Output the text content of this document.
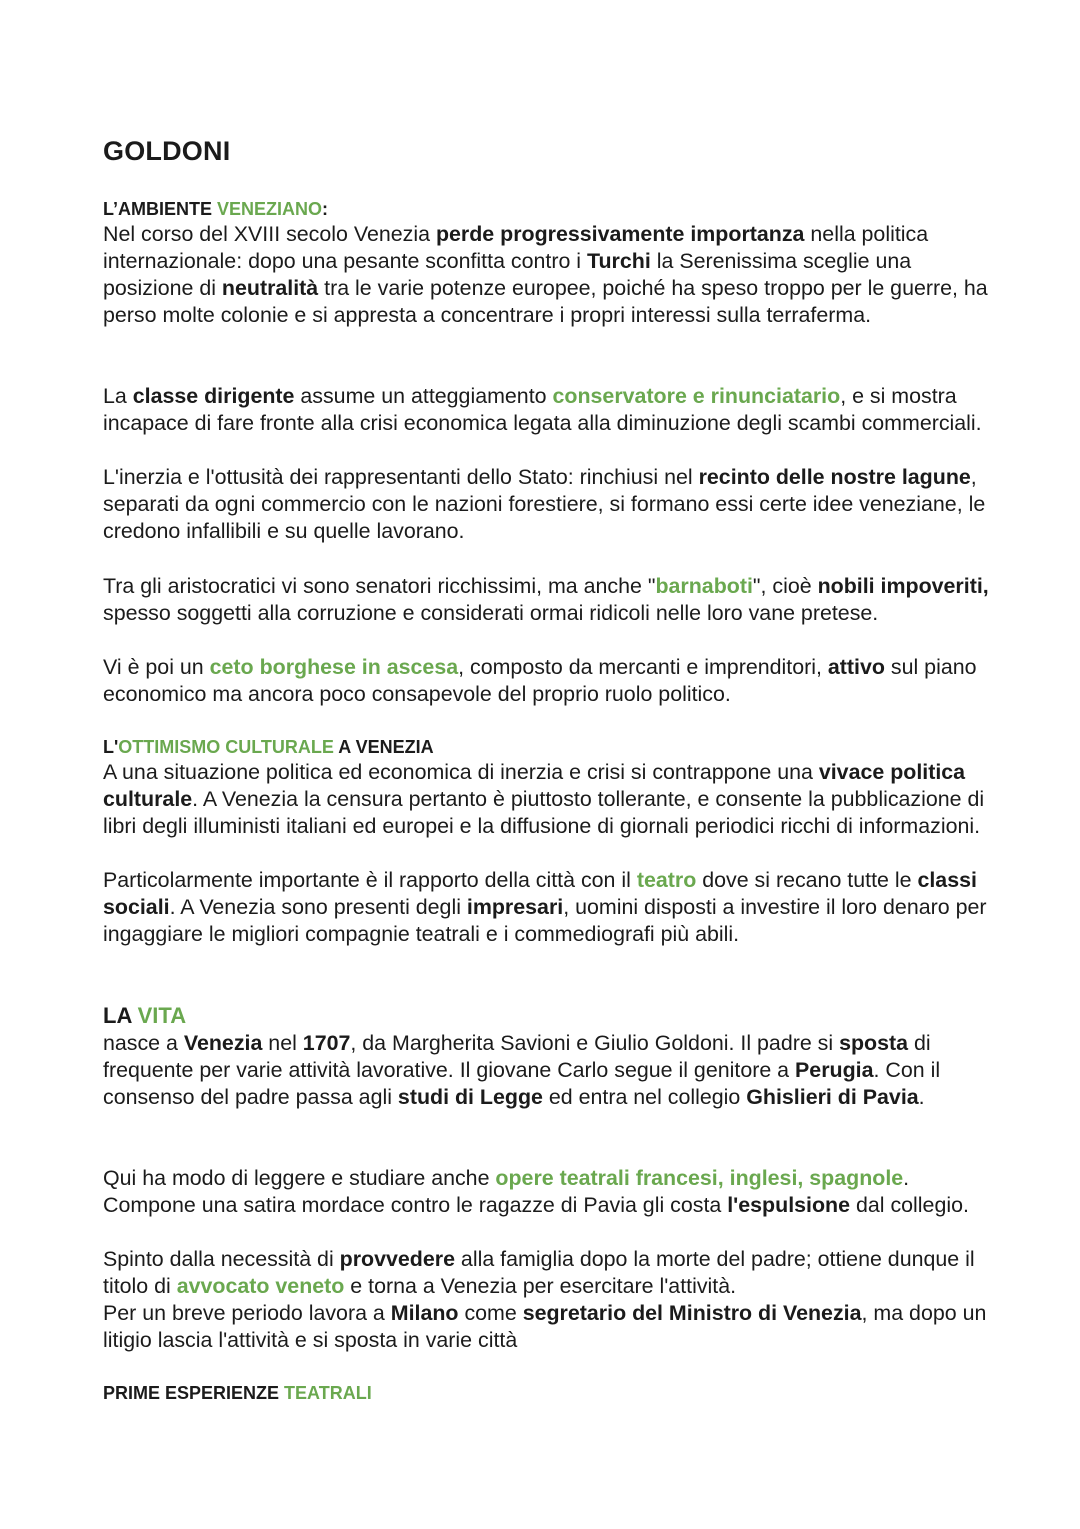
GOLDONI
L’AMBIENTE VENEZIANO:

Nel corso del XVIII secolo Venezia perde progressivamente importanza nella politica internazionale: dopo una pesante sconfitta contro i Turchi la Serenissima sceglie una posizione di neutralità tra le varie potenze europee, poiché ha speso troppo per le guerre, ha perso molte colonie e si appresta a concentrare i propri interessi sulla terraferma.

La classe dirigente assume un atteggiamento conservatore e rinunciatario, e si mostra incapace di fare fronte alla crisi economica legata alla diminuzione degli scambi commerciali.

L'inerzia e l'ottusità dei rappresentanti dello Stato: rinchiusi nel recinto delle nostre lagune, separati da ogni commercio con le nazioni forestiere, si formano essi certe idee veneziane, le credono infallibili e su quelle lavorano.

Tra gli aristocratici vi sono senatori ricchissimi, ma anche "barnaboti", cioè nobili impoveriti, spesso soggetti alla corruzione e considerati ormai ridicoli nelle loro vane pretese.

Vi è poi un ceto borghese in ascesa, composto da mercanti e imprenditori, attivo sul piano economico ma ancora poco consapevole del proprio ruolo politico.

L'OTTIMISMO CULTURALE A VENEZIA

A una situazione politica ed economica di inerzia e crisi si contrappone una vivace politica culturale. A Venezia la censura pertanto è piuttosto tollerante, e consente la pubblicazione di libri degli illuministi italiani ed europei e la diffusione di giornali periodici ricchi di informazioni.

Particolarmente importante è il rapporto della città con il teatro dove si recano tutte le classi sociali. A Venezia sono presenti degli impresari, uomini disposti a investire il loro denaro per ingaggiare le migliori compagnie teatrali e i commediografi più abili.

LA VITA

nasce a Venezia nel 1707, da Margherita Savioni e Giulio Goldoni. Il padre si sposta di frequente per varie attività lavorative. Il giovane Carlo segue il genitore a Perugia. Con il consenso del padre passa agli studi di Legge ed entra nel collegio Ghislieri di Pavia.

Qui ha modo di leggere e studiare anche opere teatrali francesi, inglesi, spagnole. Compone una satira mordace contro le ragazze di Pavia gli costa l'espulsione dal collegio.

Spinto dalla necessità di provvedere alla famiglia dopo la morte del padre; ottiene dunque il titolo di avvocato veneto e torna a Venezia per esercitare l'attività.

Per un breve periodo lavora a Milano come segretario del Ministro di Venezia, ma dopo un litigio lascia l'attività e si sposta in varie città

PRIME ESPERIENZE TEATRALI
